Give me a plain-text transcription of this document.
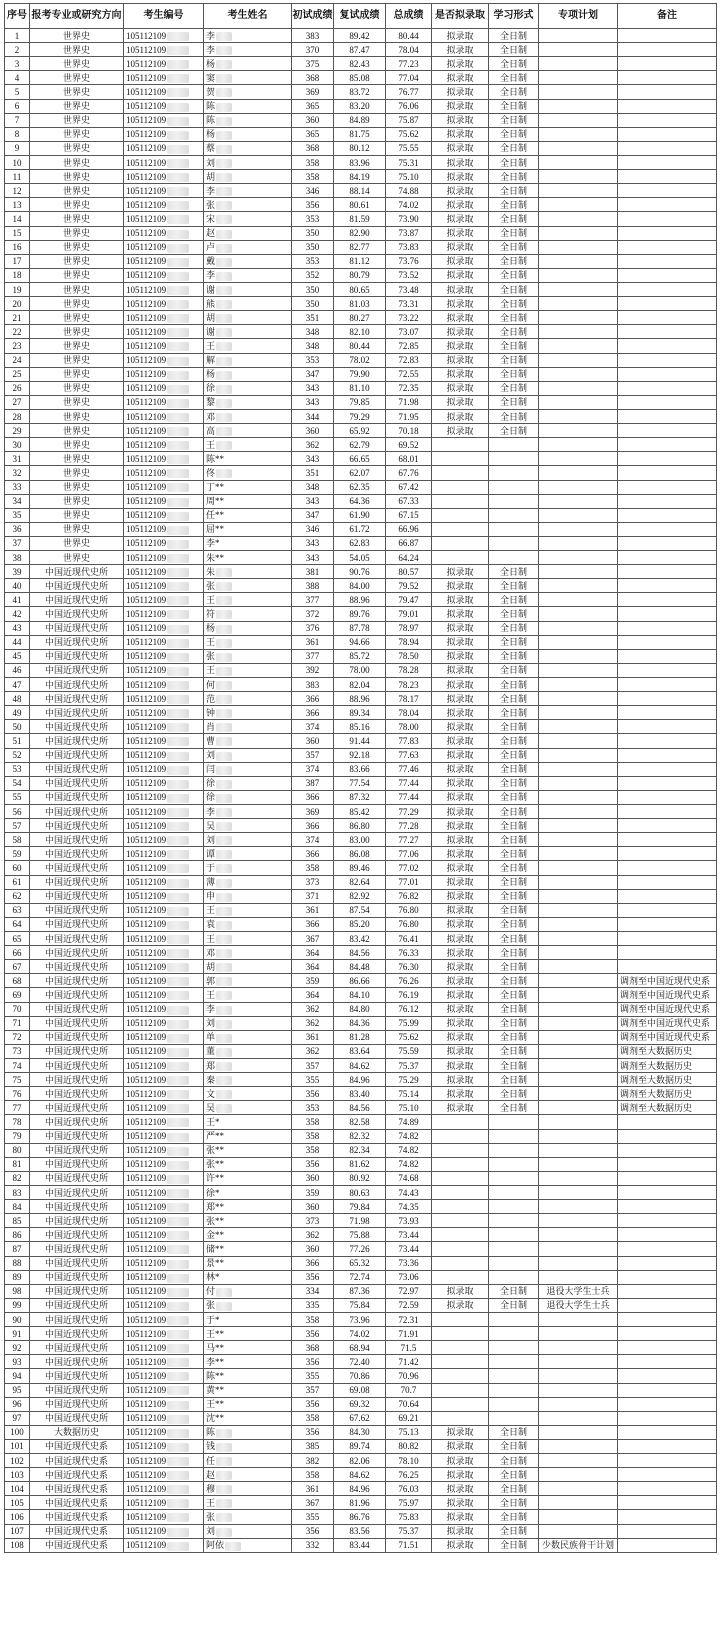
序号	报考专业或研究方向	考生编号	考生姓名	初试成绩	复试成绩	总成绩	是否拟录取	学习形式	专项计划	备注
1	世界史	105112109	李	383	89.42	80.44	拟录取	全日制		
2	世界史	105112109	李	370	87.47	78.04	拟录取	全日制		
3	世界史	105112109	杨	375	82.43	77.23	拟录取	全日制		
4	世界史	105112109	窦	368	85.08	77.04	拟录取	全日制		
5	世界史	105112109	贺	369	83.72	76.77	拟录取	全日制		
6	世界史	105112109	陈	365	83.20	76.06	拟录取	全日制		
7	世界史	105112109	陈	360	84.89	75.87	拟录取	全日制		
8	世界史	105112109	杨	365	81.75	75.62	拟录取	全日制		
9	世界史	105112109	蔡	368	80.12	75.55	拟录取	全日制		
10	世界史	105112109	刘	358	83.96	75.31	拟录取	全日制		
11	世界史	105112109	胡	358	84.19	75.10	拟录取	全日制		
12	世界史	105112109	李	346	88.14	74.88	拟录取	全日制		
13	世界史	105112109	张	356	80.61	74.02	拟录取	全日制		
14	世界史	105112109	宋	353	81.59	73.90	拟录取	全日制		
15	世界史	105112109	赵	350	82.90	73.87	拟录取	全日制		
16	世界史	105112109	卢	350	82.77	73.83	拟录取	全日制		
17	世界史	105112109	戴	353	81.12	73.76	拟录取	全日制		
18	世界史	105112109	李	352	80.79	73.52	拟录取	全日制		
19	世界史	105112109	谢	350	80.65	73.48	拟录取	全日制		
20	世界史	105112109	熊	350	81.03	73.31	拟录取	全日制		
21	世界史	105112109	胡	351	80.27	73.22	拟录取	全日制		
22	世界史	105112109	谢	348	82.10	73.07	拟录取	全日制		
23	世界史	105112109	王	348	80.44	72.85	拟录取	全日制		
24	世界史	105112109	解	353	78.02	72.83	拟录取	全日制		
25	世界史	105112109	杨	347	79.90	72.55	拟录取	全日制		
26	世界史	105112109	徐	343	81.10	72.35	拟录取	全日制		
27	世界史	105112109	黎	343	79.85	71.98	拟录取	全日制		
28	世界史	105112109	邓	344	79.29	71.95	拟录取	全日制		
29	世界史	105112109	高	360	65.92	70.18	拟录取	全日制		
30	世界史	105112109	王	362	62.79	69.52				
31	世界史	105112109	陈**	343	66.65	68.01				
32	世界史	105112109	佟	351	62.07	67.76				
33	世界史	105112109	丁**	348	62.35	67.42				
34	世界史	105112109	周**	343	64.36	67.33				
35	世界史	105112109	任**	347	61.90	67.15				
36	世界史	105112109	屈**	346	61.72	66.96				
37	世界史	105112109	李*	343	62.83	66.87				
38	世界史	105112109	朱**	343	54.05	64.24				
39	中国近现代史所	105112109	朱	381	90.76	80.57	拟录取	全日制		
40	中国近现代史所	105112109	张	388	84.00	79.52	拟录取	全日制		
41	中国近现代史所	105112109	王	377	88.96	79.47	拟录取	全日制		
42	中国近现代史所	105112109	符	372	89.76	79.01	拟录取	全日制		
43	中国近现代史所	105112109	杨	376	87.78	78.97	拟录取	全日制		
44	中国近现代史所	105112109	王	361	94.66	78.94	拟录取	全日制		
45	中国近现代史所	105112109	张	377	85.72	78.50	拟录取	全日制		
46	中国近现代史所	105112109	王	392	78.00	78.28	拟录取	全日制		
47	中国近现代史所	105112109	何	383	82.04	78.23	拟录取	全日制		
48	中国近现代史所	105112109	范	366	88.96	78.17	拟录取	全日制		
49	中国近现代史所	105112109	钟	366	89.34	78.04	拟录取	全日制		
50	中国近现代史所	105112109	肖	374	85.16	78.00	拟录取	全日制		
51	中国近现代史所	105112109	曹	360	91.44	77.83	拟录取	全日制		
52	中国近现代史所	105112109	刘	357	92.18	77.63	拟录取	全日制		
53	中国近现代史所	105112109	闫	374	83.66	77.46	拟录取	全日制		
54	中国近现代史所	105112109	徐	387	77.54	77.44	拟录取	全日制		
55	中国近现代史所	105112109	徐	366	87.32	77.44	拟录取	全日制		
56	中国近现代史所	105112109	李	369	85.42	77.29	拟录取	全日制		
57	中国近现代史所	105112109	吴	366	86.80	77.28	拟录取	全日制		
58	中国近现代史所	105112109	刘	374	83.00	77.27	拟录取	全日制		
59	中国近现代史所	105112109	谭	366	86.08	77.06	拟录取	全日制		
60	中国近现代史所	105112109	于	358	89.46	77.02	拟录取	全日制		
61	中国近现代史所	105112109	薄	373	82.64	77.01	拟录取	全日制		
62	中国近现代史所	105112109	申	371	82.92	76.82	拟录取	全日制		
63	中国近现代史所	105112109	王	361	87.54	76.80	拟录取	全日制		
64	中国近现代史所	105112109	袁	366	85.20	76.80	拟录取	全日制		
65	中国近现代史所	105112109	王	367	83.42	76.41	拟录取	全日制		
66	中国近现代史所	105112109	邓	364	84.56	76.33	拟录取	全日制		
67	中国近现代史所	105112109	胡	364	84.48	76.30	拟录取	全日制		
68	中国近现代史所	105112109	郭	359	86.66	76.26	拟录取	全日制		调剂至中国近现代史系
69	中国近现代史所	105112109	王	364	84.10	76.19	拟录取	全日制		调剂至中国近现代史系
70	中国近现代史所	105112109	李	362	84.80	76.12	拟录取	全日制		调剂至中国近现代史系
71	中国近现代史所	105112109	刘	362	84.36	75.99	拟录取	全日制		调剂至中国近现代史系
72	中国近现代史所	105112109	单	361	81.28	75.62	拟录取	全日制		调剂至中国近现代史系
73	中国近现代史所	105112109	董	362	83.64	75.59	拟录取	全日制		调剂至大数据历史
74	中国近现代史所	105112109	郑	357	84.62	75.37	拟录取	全日制		调剂至大数据历史
75	中国近现代史所	105112109	秦	355	84.96	75.29	拟录取	全日制		调剂至大数据历史
76	中国近现代史所	105112109	文	356	83.40	75.14	拟录取	全日制		调剂至大数据历史
77	中国近现代史所	105112109	吴	353	84.56	75.10	拟录取	全日制		调剂至大数据历史
78	中国近现代史所	105112109	王*	358	82.58	74.89				
79	中国近现代史所	105112109	严**	358	82.32	74.82				
80	中国近现代史所	105112109	张**	358	82.34	74.82				
81	中国近现代史所	105112109	张**	356	81.62	74.82				
82	中国近现代史所	105112109	许**	360	80.92	74.68				
83	中国近现代史所	105112109	徐*	359	80.63	74.43				
84	中国近现代史所	105112109	郑**	360	79.84	74.35				
85	中国近现代史所	105112109	张**	373	71.98	73.93				
86	中国近现代史所	105112109	金**	362	75.88	73.44				
87	中国近现代史所	105112109	储**	360	77.26	73.44				
88	中国近现代史所	105112109	景**	366	65.32	73.36				
89	中国近现代史所	105112109	林*	356	72.74	73.06				
98	中国近现代史所	105112109	付	334	87.36	72.97	拟录取	全日制	退役大学生士兵	
99	中国近现代史所	105112109	张	335	75.84	72.59	拟录取	全日制	退役大学生士兵	
90	中国近现代史所	105112109	于*	358	73.96	72.31				
91	中国近现代史所	105112109	王**	356	74.02	71.91				
92	中国近现代史所	105112109	马**	368	68.94	71.5				
93	中国近现代史所	105112109	李**	356	72.40	71.42				
94	中国近现代史所	105112109	陈**	355	70.86	70.96				
95	中国近现代史所	105112109	黄**	357	69.08	70.7				
96	中国近现代史所	105112109	王**	356	69.32	70.64				
97	中国近现代史所	105112109	沈**	358	67.62	69.21				
100	大数据历史	105112109	陈	356	84.30	75.13	拟录取	全日制		
101	中国近现代史系	105112109	钱	385	89.74	80.82	拟录取	全日制		
102	中国近现代史系	105112109	任	382	82.06	78.10	拟录取	全日制		
103	中国近现代史系	105112109	赵	358	84.62	76.25	拟录取	全日制		
104	中国近现代史系	105112109	穆	361	84.96	76.03	拟录取	全日制		
105	中国近现代史系	105112109	王	367	81.96	75.97	拟录取	全日制		
106	中国近现代史系	105112109	张	355	86.76	75.83	拟录取	全日制		
107	中国近现代史系	105112109	刘	356	83.56	75.37	拟录取	全日制		
108	中国近现代史系	105112109	阿依	332	83.44	71.51	拟录取	全日制	少数民族骨干计划	
